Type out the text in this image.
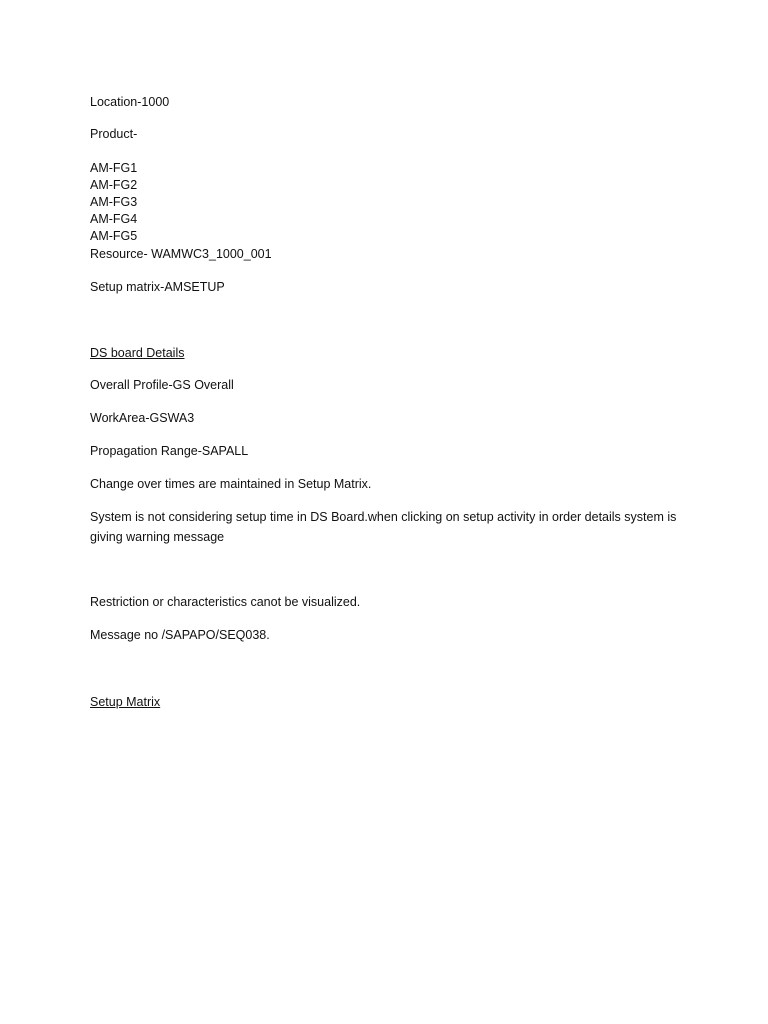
Location-1000
Product-
AM-FG1
AM-FG2
AM-FG3
AM-FG4
AM-FG5
Resource- WAMWC3_1000_001
Setup matrix-AMSETUP
DS board Details
Overall Profile-GS Overall
WorkArea-GSWA3
Propagation Range-SAPALL
Change over times are maintained in Setup Matrix.
System is not considering setup time in DS Board.when clicking on setup activity in order details system is giving warning message
Restriction or characteristics canot be visualized.
Message no /SAPAPO/SEQ038.
Setup Matrix
